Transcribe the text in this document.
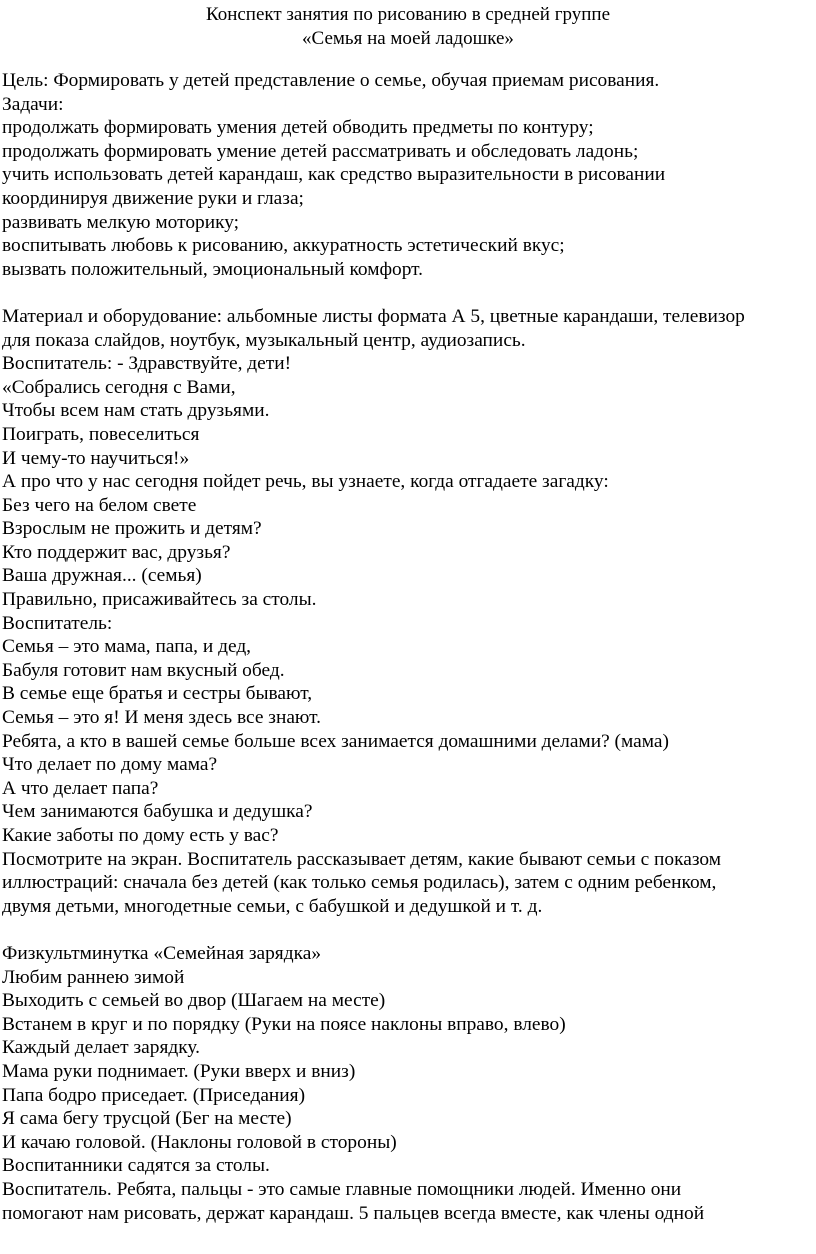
Конспект занятия по рисованию в средней группе

«Семья на моей ладошке»

Цель: Формировать у детей представление о семье, обучая приемам рисования.

Задачи:

продолжать формировать умения детей обводить предметы по контуру;

продолжать формировать умение детей рассматривать и обследовать ладонь;

учить использовать детей карандаш, как средство выразительности в рисовании

координируя движение руки и глаза;

развивать мелкую моторику;

воспитывать любовь к рисованию, аккуратность эстетический вкус;

вызвать положительный, эмоциональный комфорт.

Материал и оборудование: альбомные листы формата А 5, цветные карандаши, телевизор

для показа слайдов, ноутбук, музыкальный центр, аудиозапись.

Воспитатель: - Здравствуйте, дети!

«Собрались сегодня с Вами,

Чтобы всем нам стать друзьями.

Поиграть, повеселиться

И чему-то научиться!»

А про что у нас сегодня пойдет речь, вы узнаете, когда отгадаете загадку:

Без чего на белом свете

Взрослым не прожить и детям?

Кто поддержит вас, друзья?

Ваша дружная... (семья)

Правильно, присаживайтесь за столы.

Воспитатель:

Семья – это мама, папа, и дед,

Бабуля готовит нам вкусный обед.

В семье еще братья и сестры бывают,

Семья – это я! И меня здесь все знают.

Ребята, а кто в вашей семье больше всех занимается домашними делами? (мама)

Что делает по дому мама?

А что делает папа?

Чем занимаются бабушка и дедушка?

Какие заботы по дому есть у вас?

Посмотрите на экран. Воспитатель рассказывает детям, какие бывают семьи с показом

иллюстраций: сначала без детей (как только семья родилась), затем с одним ребенком,

двумя детьми, многодетные семьи, с бабушкой и дедушкой и т. д.

Физкультминутка «Семейная зарядка»

Любим раннею зимой

Выходить с семьей во двор (Шагаем на месте)

Встанем в круг и по порядку (Руки на поясе наклоны вправо, влево)

Каждый делает зарядку.

Мама руки поднимает. (Руки вверх и вниз)

Папа бодро приседает. (Приседания)

Я сама бегу трусцой (Бег на месте)

И качаю головой. (Наклоны головой в стороны)

Воспитанники садятся за столы.

Воспитатель. Ребята, пальцы - это самые главные помощники людей. Именно они

помогают нам рисовать, держат карандаш. 5 пальцев всегда вместе, как члены одной
